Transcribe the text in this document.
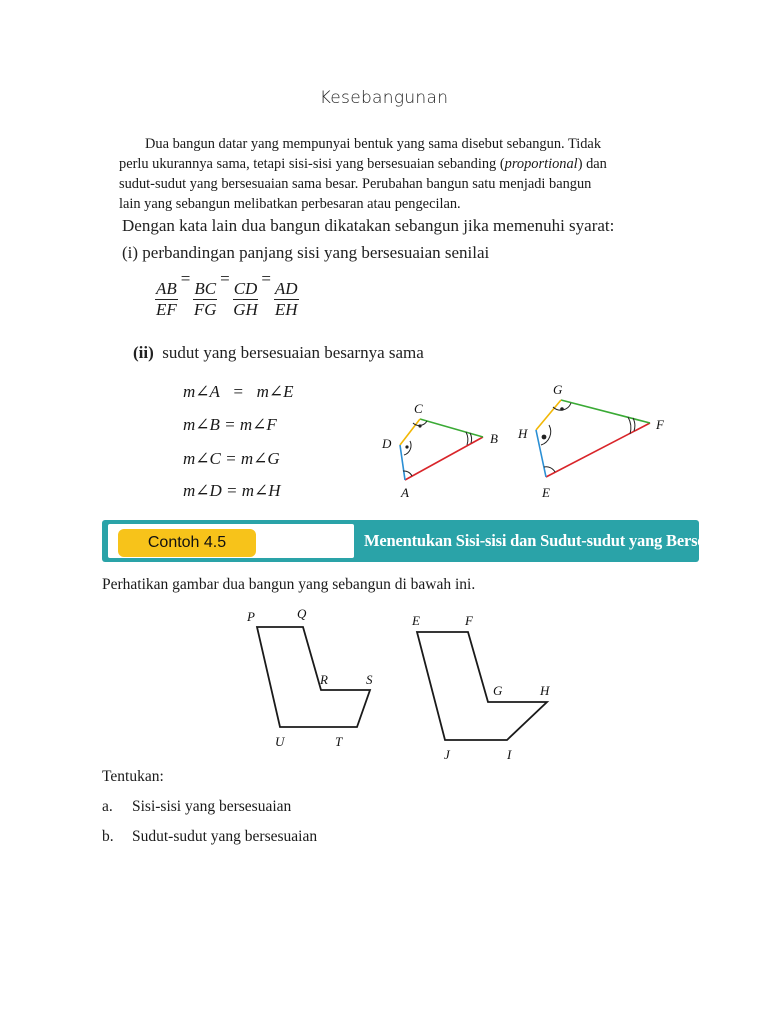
Kesebangunan

Dua bangun datar yang mempunyai bentuk yang sama disebut sebangun. Tidak

perlu ukurannya sama, tetapi sisi-sisi yang bersesuaian sebanding (proportional) dan
sudut-sudut yang bersesuaian sama besar. Perubahan bangun satu menjadi bangun
lain yang sebangun melibatkan perbesaran atau pengecilan.
Dengan kata lain dua bangun dikatakan sebangun jika memenuhi syarat:
(i) perbandingan panjang sisi yang bersesuaian senilai
$\frac{AB}{EF}$
=
$\frac{BC}{FG}$
=
$\frac{CD}{GH}$
=
$\frac{AD}{EH}$
(ii) sudut yang bersesuaian besarnya sama
m∠A   =   m∠E
m∠B = m∠F
m∠C = m∠G
m∠D = m∠H
C
B
D
A
G
F
H
E
Contoh 4.5	Menentukan Sisi-sisi dan Sudut-sudut yang Bersesuaian
Perhatikan gambar dua bangun yang sebangun di bawah ini.
P	Q
R	S
T
U
E	F
G	H
I
J
Tentukan:
a. Sisi-sisi yang bersesuaian
b. Sudut-sudut yang bersesuaian
